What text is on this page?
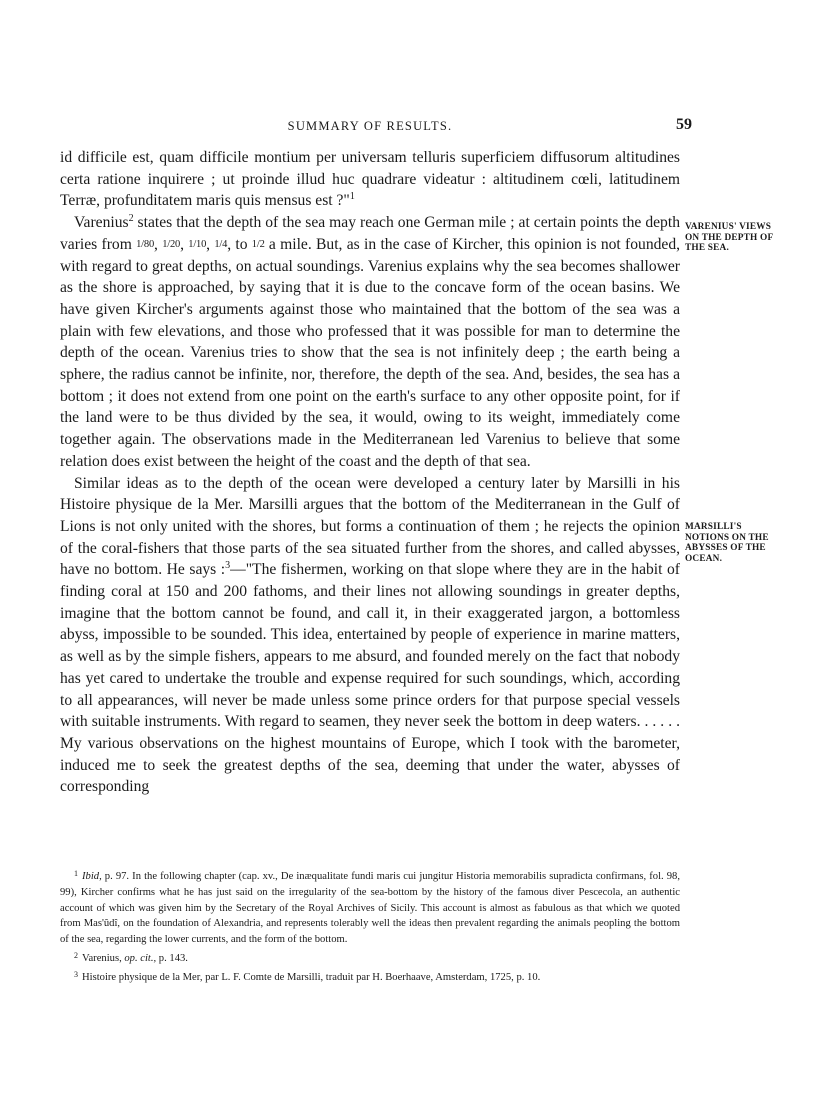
SUMMARY OF RESULTS.	59
VARENIUS' VIEWS ON THE DEPTH OF THE SEA.
MARSILLI'S NOTIONS ON THE ABYSSES OF THE OCEAN.

id difficile est, quam difficile montium per universam telluris superficiem diffusorum altitudines certa ratione inquirere ; ut proinde illud huc quadrare videatur : altitudinem cœli, latitudinem Terræ, profunditatem maris quis mensus est ?"$^1$

Varenius$^2$ states that the depth of the sea may reach one German mile ; at certain points the depth varies from 1/80, 1/20, 1/10, 1/4, to 1/2 a mile. But, as in the case of Kircher, this opinion is not founded, with regard to great depths, on actual soundings. Varenius explains why the sea becomes shallower as the shore is approached, by saying that it is due to the concave form of the ocean basins. We have given Kircher's arguments against those who maintained that the bottom of the sea was a plain with few elevations, and those who professed that it was possible for man to determine the depth of the ocean. Varenius tries to show that the sea is not infinitely deep ; the earth being a sphere, the radius cannot be infinite, nor, therefore, the depth of the sea. And, besides, the sea has a bottom ; it does not extend from one point on the earth's surface to any other opposite point, for if the land were to be thus divided by the sea, it would, owing to its weight, immediately come together again. The observations made in the Mediterranean led Varenius to believe that some relation does exist between the height of the coast and the depth of that sea.

Similar ideas as to the depth of the ocean were developed a century later by Marsilli in his Histoire physique de la Mer. Marsilli argues that the bottom of the Mediterranean in the Gulf of Lions is not only united with the shores, but forms a continuation of them ; he rejects the opinion of the coral-fishers that those parts of the sea situated further from the shores, and called abysses, have no bottom. He says :$^3$—"The fishermen, working on that slope where they are in the habit of finding coral at 150 and 200 fathoms, and their lines not allowing soundings in greater depths, imagine that the bottom cannot be found, and call it, in their exaggerated jargon, a bottomless abyss, impossible to be sounded. This idea, entertained by people of experience in marine matters, as well as by the simple fishers, appears to me absurd, and founded merely on the fact that nobody has yet cared to undertake the trouble and expense required for such soundings, which, according to all appearances, will never be made unless some prince orders for that purpose special vessels with suitable instruments. With regard to seamen, they never seek the bottom in deep waters. . . . . . My various observations on the highest mountains of Europe, which I took with the barometer, induced me to seek the greatest depths of the sea, deeming that under the water, abysses of corresponding

$^1$ Ibid, p. 97. In the following chapter (cap. xv., De inæqualitate fundi maris cui jungitur Historia memorabilis supradicta confirmans, fol. 98, 99), Kircher confirms what he has just said on the irregularity of the sea-bottom by the history of the famous diver Pescecola, an authentic account of which was given him by the Secretary of the Royal Archives of Sicily. This account is almost as fabulous as that which we quoted from Mas'ûdî, on the foundation of Alexandria, and represents tolerably well the ideas then prevalent regarding the animals peopling the bottom of the sea, regarding the lower currents, and the form of the bottom.

$^2$ Varenius, op. cit., p. 143.

$^3$ Histoire physique de la Mer, par L. F. Comte de Marsilli, traduit par H. Boerhaave, Amsterdam, 1725, p. 10.
